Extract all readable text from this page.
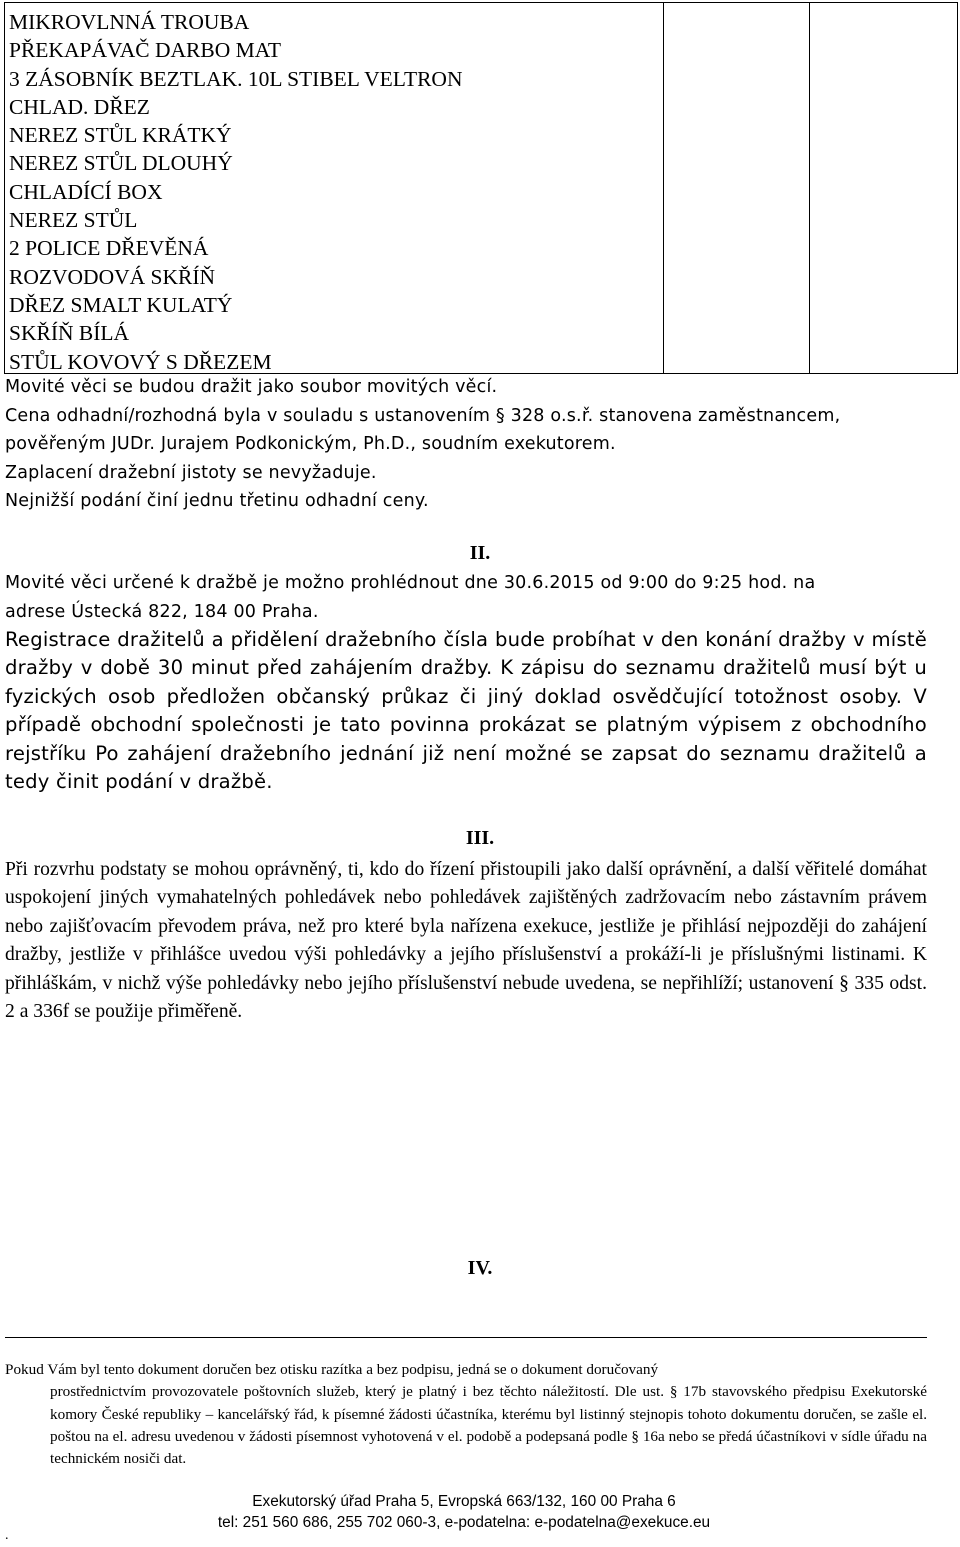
MIKROVLNNÁ TROUBA
PŘEKAPÁVAČ DARBO MAT
3 ZÁSOBNÍK BEZTLAK. 10L STIBEL VELTRON
CHLAD. DŘEZ
NEREZ STŮL KRÁTKÝ
NEREZ STŮL DLOUHÝ
CHLADÍCÍ BOX
NEREZ STŮL
2 POLICE DŘEVĚNÁ
ROZVODOVÁ SKŘÍŇ
DŘEZ SMALT KULATÝ
SKŘÍŇ BÍLÁ
STŮL KOVOVÝ S DŘEZEM
Movité věci se budou dražit jako soubor movitých věcí.
Cena odhadní/rozhodná byla v souladu s ustanovením § 328 o.s.ř. stanovena zaměstnancem,
pověřeným JUDr. Jurajem Podkonickým, Ph.D., soudním exekutorem.
Zaplacení dražební jistoty se nevyžaduje.
Nejnižší podání činí jednu třetinu odhadní ceny.
II.
Movité věci určené k dražbě je možno prohlédnout dne 30.6.2015 od 9:00 do 9:25 hod. na
adrese Ústecká 822, 184 00 Praha.
Registrace dražitelů a přidělení dražebního čísla bude probíhat v den konání dražby v místě dražby v době 30 minut před zahájením dražby. K zápisu do seznamu dražitelů musí být u fyzických osob předložen občanský průkaz či jiný doklad osvědčující totožnost osoby. V případě obchodní společnosti je tato povinna prokázat se platným výpisem z obchodního rejstříku Po zahájení dražebního jednání již není možné se zapsat do seznamu dražitelů a tedy činit podání v dražbě.
III.
Při rozvrhu podstaty se mohou oprávněný, ti, kdo do řízení přistoupili jako další oprávnění, a další věřitelé domáhat uspokojení jiných vymahatelných pohledávek nebo pohledávek zajištěných zadržovacím nebo zástavním právem nebo zajišťovacím převodem práva, než pro které byla nařízena exekuce, jestliže je přihlásí nejpozději do zahájení dražby, jestliže v přihlášce uvedou výši pohledávky a jejího příslušenství a prokáží-li je příslušnými listinami. K přihláškám, v nichž výše pohledávky nebo jejího příslušenství nebude uvedena, se nepřihlíží; ustanovení § 335 odst. 2 a 336f se použije přiměřeně.
IV.
Pokud Vám byl tento dokument doručen bez otisku razítka a bez podpisu, jedná se o dokument doručovaný
prostřednictvím provozovatele poštovních služeb, který je platný i bez těchto náležitostí. Dle ust. § 17b stavovského předpisu Exekutorské komory České republiky – kancelářský řád, k písemné žádosti účastníka, kterému byl listinný stejnopis tohoto dokumentu doručen, se zašle el. poštou na el. adresu uvedenou v žádosti písemnost vyhotovená v el. podobě a podepsaná podle § 16a nebo se předá účastníkovi v sídle úřadu na technickém nosiči dat.
Exekutorský úřad Praha 5, Evropská 663/132, 160 00 Praha 6
tel: 251 560 686, 255 702 060-3, e-podatelna: e-podatelna@exekuce.eu
.
